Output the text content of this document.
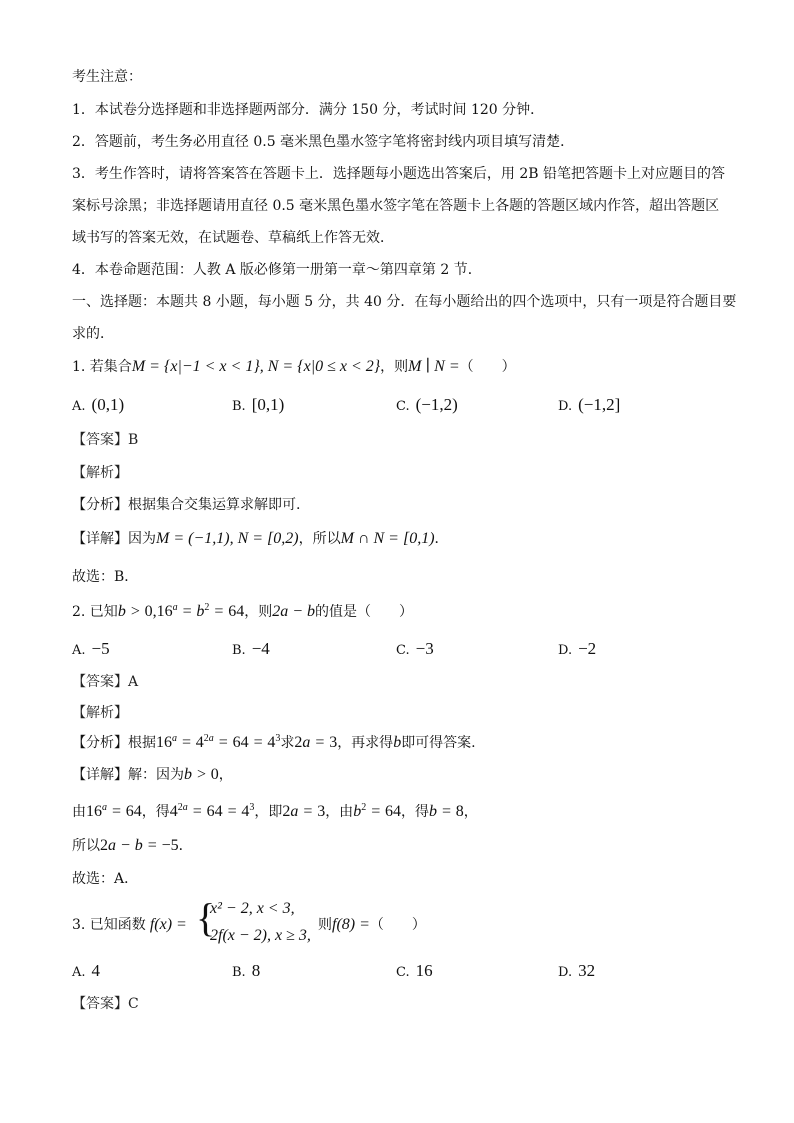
考生注意：
1．本试卷分选择题和非选择题两部分．满分 150 分，考试时间 120 分钟．
2．答题前，考生务必用直径 0.5 毫米黑色墨水签字笔将密封线内项目填写清楚．
3．考生作答时，请将答案答在答题卡上．选择题每小题选出答案后，用 2B 铅笔把答题卡上对应题目的答
案标号涂黑；非选择题请用直径 0.5 毫米黑色墨水签字笔在答题卡上各题的答题区域内作答，超出答题区
域书写的答案无效，在试题卷、草稿纸上作答无效．
4．本卷命题范围：人教 A 版必修第一册第一章～第四章第 2 节．
一、选择题：本题共 8 小题，每小题 5 分，共 40 分．在每小题给出的四个选项中，只有一项是符合题目要
求的．
1. 若集合M = {x|−1 < x < 1}, N = {x|0 ≤ x < 2}，则M ∣ N =（　　）
A. (0,1)	B. [0,1)	C. (−1,2)	D. (−1,2]
【答案】B
【解析】
【分析】根据集合交集运算求解即可.
【详解】因为M = (−1,1), N = [0,2)，所以M ∩ N = [0,1)．
故选：B．
2. 已知$b > 0,16^a = b^2 = 64$，则2a − b的值是（　　）
A. −5	B. −4	C. −3	D. −2
【答案】A
【解析】
【分析】根据$16^a = 4^{2a} = 64 = 4^3$求2a = 3，再求得b即可得答案.
【详解】解：因为b > 0，
由$16^a = 64$，得$4^{2a} = 64 = 4^3$，即2a = 3，由$b^2 = 64$，得b = 8，
所以2a − b = −5．
故选：A．
3. 已知函数 f(x) = {
x² − 2, x < 3,
2f(x − 2), x ≥ 3,
则f(8) =（　　）
A. 4	B. 8	C. 16	D. 32
【答案】C
